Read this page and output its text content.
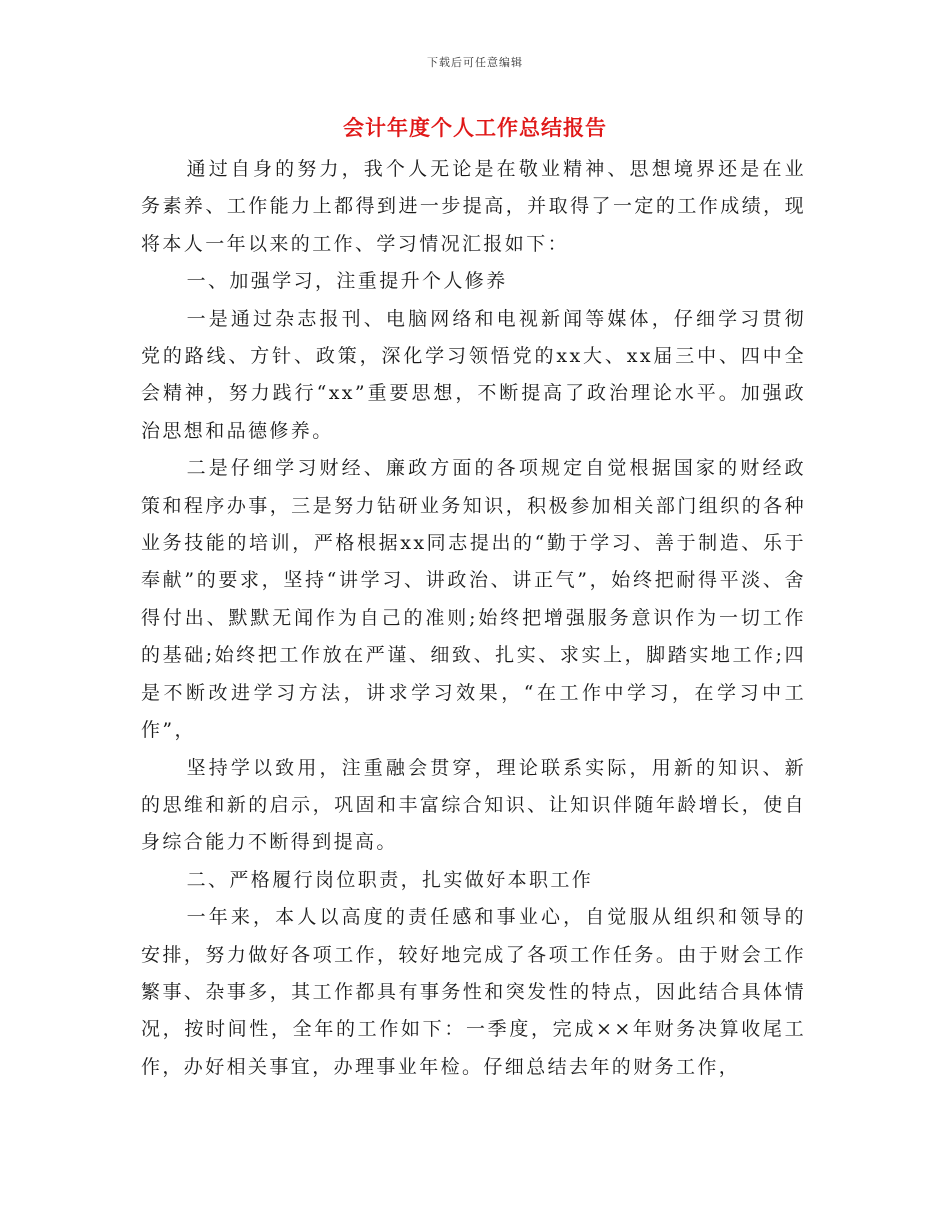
下载后可任意编辑
会计年度个人工作总结报告

通过自身的努力，我个人无论是在敬业精神、思想境界还是在业务素养、工作能力上都得到进一步提高，并取得了一定的工作成绩，现将本人一年以来的工作、学习情况汇报如下：

一、加强学习，注重提升个人修养

一是通过杂志报刊、电脑网络和电视新闻等媒体，仔细学习贯彻党的路线、方针、政策，深化学习领悟党的xx大、xx届三中、四中全会精神，努力践行“xx”重要思想，不断提高了政治理论水平。加强政治思想和品德修养。

二是仔细学习财经、廉政方面的各项规定自觉根据国家的财经政策和程序办事，三是努力钻研业务知识，积极参加相关部门组织的各种业务技能的培训，严格根据xx同志提出的“勤于学习、善于制造、乐于奉献”的要求，坚持“讲学习、讲政治、讲正气”，始终把耐得平淡、舍得付出、默默无闻作为自己的准则;始终把增强服务意识作为一切工作的基础;始终把工作放在严谨、细致、扎实、求实上，脚踏实地工作;四是不断改进学习方法，讲求学习效果，“在工作中学习，在学习中工作”，

坚持学以致用，注重融会贯穿，理论联系实际，用新的知识、新的思维和新的启示，巩固和丰富综合知识、让知识伴随年龄增长，使自身综合能力不断得到提高。

二、严格履行岗位职责，扎实做好本职工作

一年来，本人以高度的责任感和事业心，自觉服从组织和领导的安排，努力做好各项工作，较好地完成了各项工作任务。由于财会工作繁事、杂事多，其工作都具有事务性和突发性的特点，因此结合具体情况，按时间性，全年的工作如下：一季度，完成××年财务决算收尾工作，办好相关事宜，办理事业年检。仔细总结去年的财务工作，
